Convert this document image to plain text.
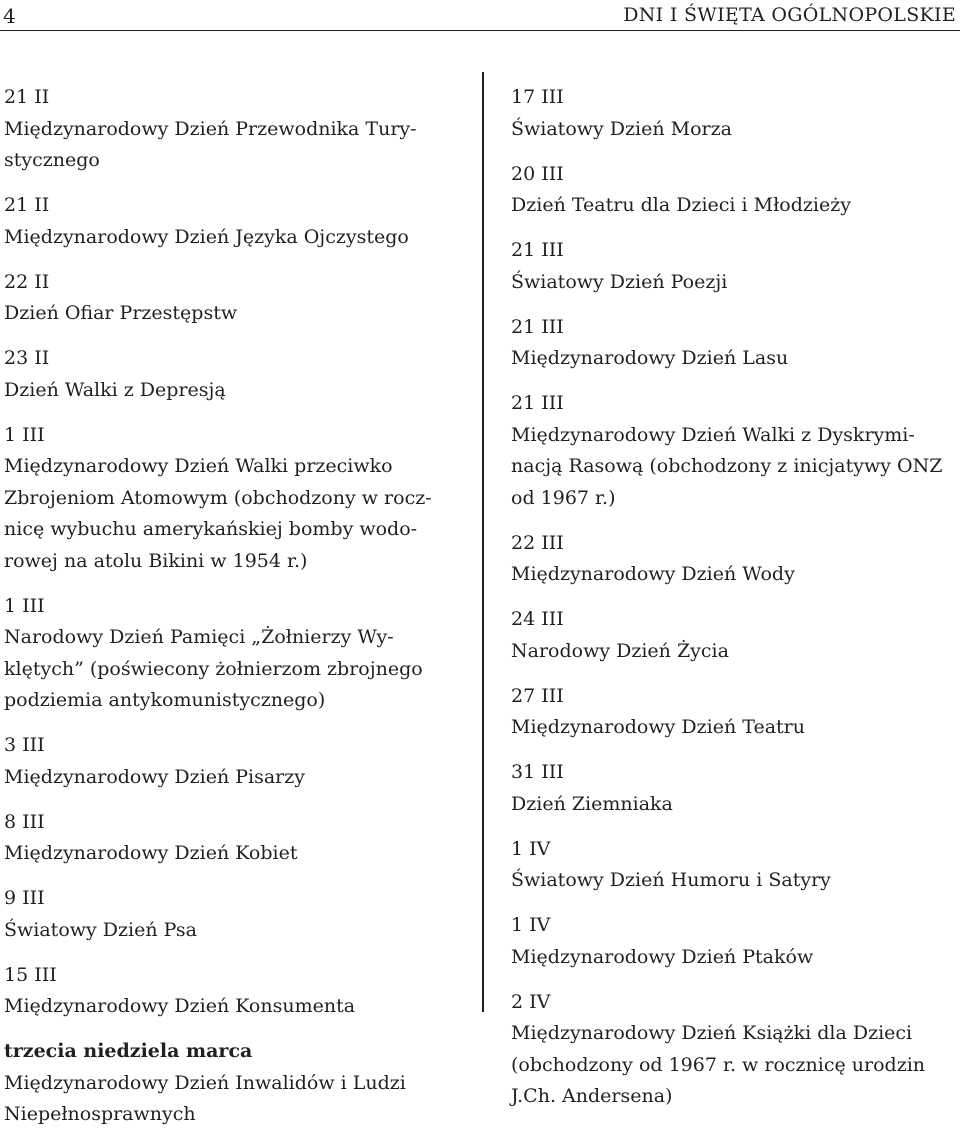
4	DNI I ŚWIĘTA OGÓLNOPOLSKIE
21 II
Międzynarodowy Dzień Przewodnika Tury-
stycznego
21 II
Międzynarodowy Dzień Języka Ojczystego
22 II
Dzień Ofiar Przestępstw
23 II
Dzień Walki z Depresją
1 III
Międzynarodowy Dzień Walki przeciwko
Zbrojeniom Atomowym (obchodzony w rocz-
nicę wybuchu amerykańskiej bomby wodo-
rowej na atolu Bikini w 1954 r.)
1 III
Narodowy Dzień Pamięci „Żołnierzy Wy-
klętych” (poświecony żołnierzom zbrojnego
podziemia antykomunistycznego)
3 III
Międzynarodowy Dzień Pisarzy
8 III
Międzynarodowy Dzień Kobiet
9 III
Światowy Dzień Psa
15 III
Międzynarodowy Dzień Konsumenta
trzecia niedziela marca
Międzynarodowy Dzień Inwalidów i Ludzi
Niepełnosprawnych
17 III
Światowy Dzień Morza
20 III
Dzień Teatru dla Dzieci i Młodzieży
21 III
Światowy Dzień Poezji
21 III
Międzynarodowy Dzień Lasu
21 III
Międzynarodowy Dzień Walki z Dyskrymi-
nacją Rasową (obchodzony z inicjatywy ONZ
od 1967 r.)
22 III
Międzynarodowy Dzień Wody
24 III
Narodowy Dzień Życia
27 III
Międzynarodowy Dzień Teatru
31 III
Dzień Ziemniaka
1 IV
Światowy Dzień Humoru i Satyry
1 IV
Międzynarodowy Dzień Ptaków
2 IV
Międzynarodowy Dzień Książki dla Dzieci
(obchodzony od 1967 r. w rocznicę urodzin
J.Ch. Andersena)
